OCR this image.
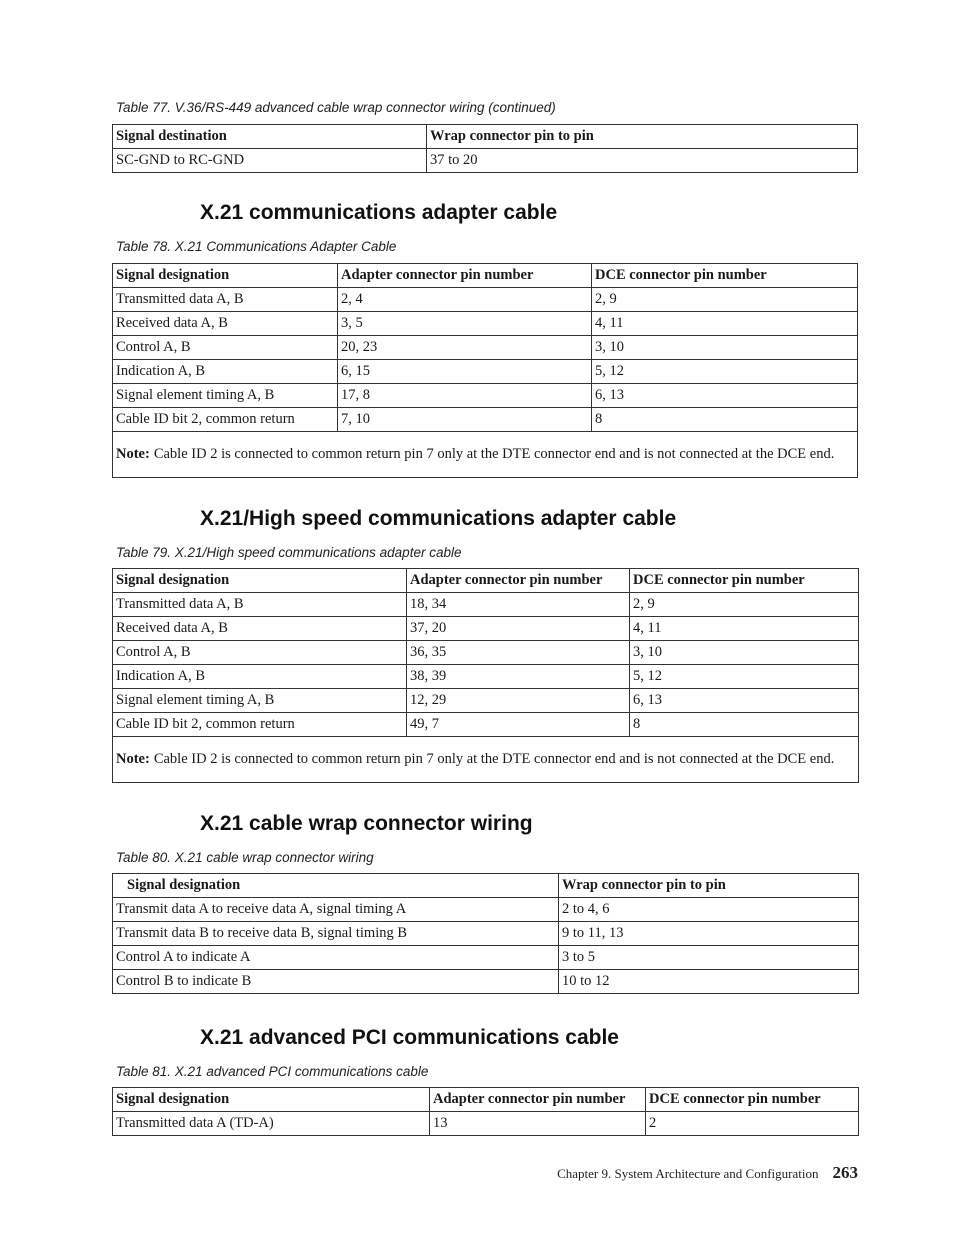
Table 77. V.36/RS-449 advanced cable wrap connector wiring (continued)
Signal destination	Wrap connector pin to pin
SC-GND to RC-GND	37 to 20
X.21 communications adapter cable
Table 78. X.21 Communications Adapter Cable
Signal designation	Adapter connector pin number	DCE connector pin number
Transmitted data A, B	2, 4	2, 9
Received data A, B	3, 5	4, 11
Control A, B	20, 23	3, 10
Indication A, B	6, 15	5, 12
Signal element timing A, B	17, 8	6, 13
Cable ID bit 2, common return	7, 10	8
Note: Cable ID 2 is connected to common return pin 7 only at the DTE connector end and is not connected at the DCE end.		
X.21/High speed communications adapter cable
Table 79. X.21/High speed communications adapter cable
Signal designation	Adapter connector pin number	DCE connector pin number
Transmitted data A, B	18, 34	2, 9
Received data A, B	37, 20	4, 11
Control A, B	36, 35	3, 10
Indication A, B	38, 39	5, 12
Signal element timing A, B	12, 29	6, 13
Cable ID bit 2, common return	49, 7	8
Note: Cable ID 2 is connected to common return pin 7 only at the DTE connector end and is not connected at the DCE end.		
X.21 cable wrap connector wiring
Table 80. X.21 cable wrap connector wiring
Signal designation	Wrap connector pin to pin
Transmit data A to receive data A, signal timing A	2 to 4, 6
Transmit data B to receive data B, signal timing B	9 to 11, 13
Control A to indicate A	3 to 5
Control B to indicate B	10 to 12
X.21 advanced PCI communications cable
Table 81. X.21 advanced PCI communications cable
Signal designation	Adapter connector pin number	DCE connector pin number
Transmitted data A (TD-A)	13	2
Chapter 9. System Architecture and Configuration 263
